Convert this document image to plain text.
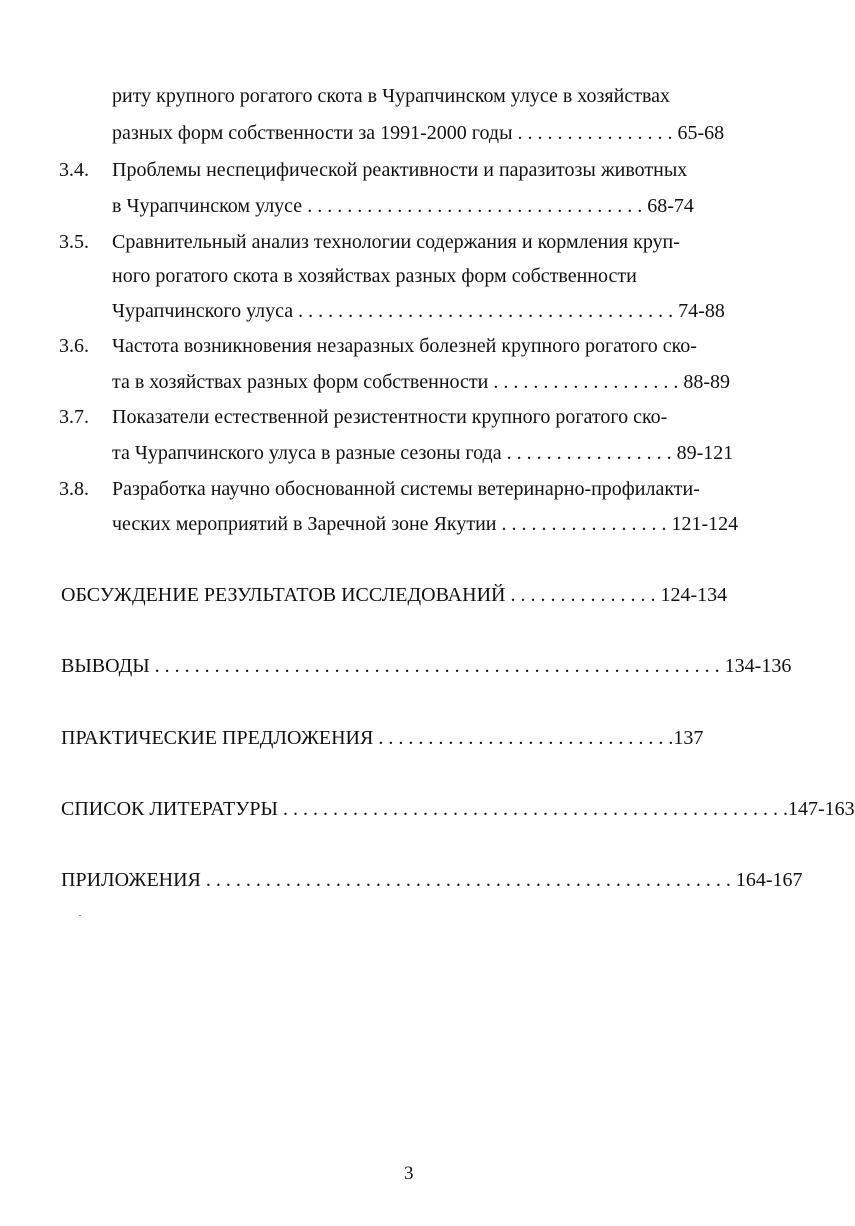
риту крупного рогатого скота в Чурапчинском улусе в хозяйствах
разных форм собственности за 1991-2000 годы . . . . . . . . . . . . . . . . 65-68
3.4. Проблемы неспецифической реактивности и паразитозы животных
в Чурапчинском улусе . . . . . . . . . . . . . . . . . . . . . . . . . . . . . . . . . . 68-74
3.5. Сравнительный анализ технологии содержания и кормления круп-
ного рогатого скота в хозяйствах разных форм собственности
Чурапчинского улуса . . . . . . . . . . . . . . . . . . . . . . . . . . . . . . . . . . . . . . 74-88
3.6. Частота возникновения незаразных болезней крупного рогатого ско-
та в хозяйствах разных форм собственности . . . . . . . . . . . . . . . . . . . 88-89
3.7. Показатели естественной резистентности крупного рогатого ско-
та Чурапчинского улуса в разные сезоны года . . . . . . . . . . . . . . . . . 89-121
3.8. Разработка научно обоснованной системы ветеринарно-профилакти-
ческих мероприятий в Заречной зоне Якутии . . . . . . . . . . . . . . . . . 121-124
ОБСУЖДЕНИЕ РЕЗУЛЬТАТОВ ИССЛЕДОВАНИЙ . . . . . . . . . . . . . . . 124-134
ВЫВОДЫ . . . . . . . . . . . . . . . . . . . . . . . . . . . . . . . . . . . . . . . . . . . . . . . . . . . . . . . . . 134-136
ПРАКТИЧЕСКИЕ ПРЕДЛОЖЕНИЯ . . . . . . . . . . . . . . . . . . . . . . . . . . . . . .137
СПИСОК ЛИТЕРАТУРЫ . . . . . . . . . . . . . . . . . . . . . . . . . . . . . . . . . . . . . . . . . . . . . . . . . . .147-163
ПРИЛОЖЕНИЯ . . . . . . . . . . . . . . . . . . . . . . . . . . . . . . . . . . . . . . . . . . . . . . . . . . . . . 164-167
3
